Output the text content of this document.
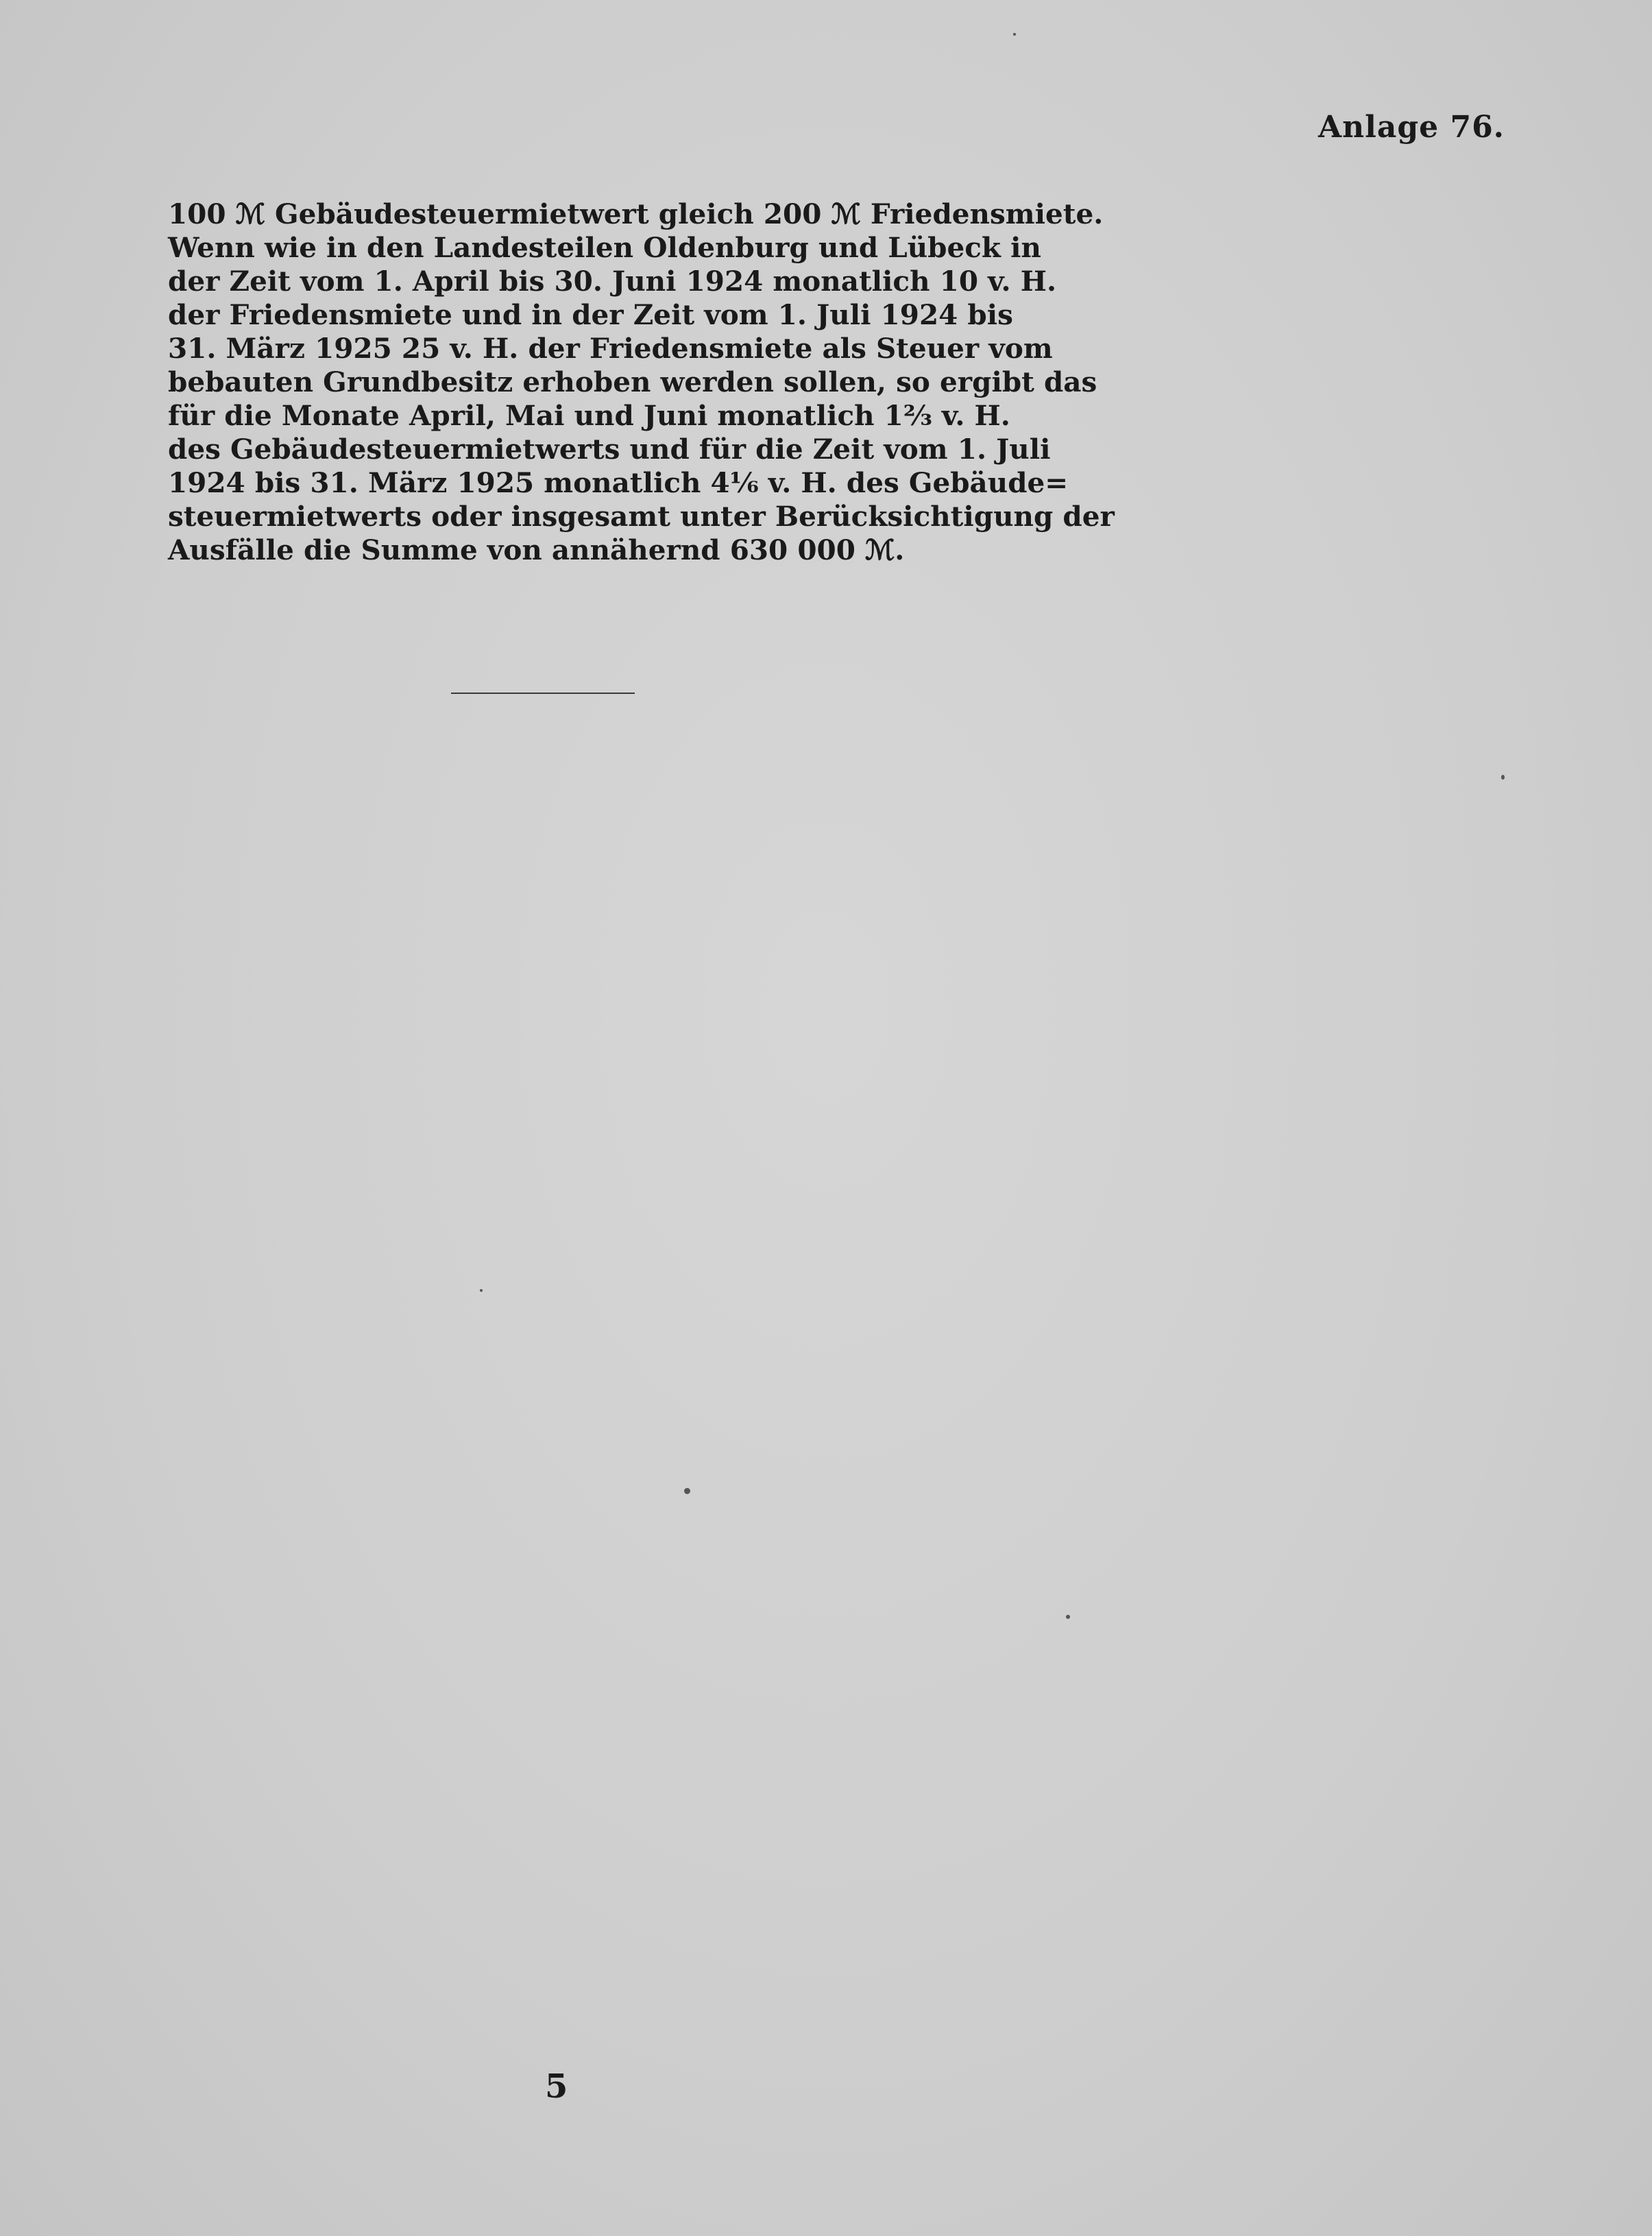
Anlage 76.
100 ℳ Gebäudesteuermietwert gleich 200 ℳ Friedensmiete.
Wenn wie in den Landesteilen Oldenburg und Lübeck in
der Zeit vom 1. April bis 30. Juni 1924 monatlich 10 v. H.
der Friedensmiete und in der Zeit vom 1. Juli 1924 bis
31. März 1925 25 v. H. der Friedensmiete als Steuer vom
bebauten Grundbesitz erhoben werden sollen, so ergibt das
für die Monate April, Mai und Juni monatlich 1⅔ v. H.
des Gebäudesteuermietwerts und für die Zeit vom 1. Juli
1924 bis 31. März 1925 monatlich 4⅙ v. H. des Gebäude=
steuermietwerts oder insgesamt unter Berücksichtigung der
Ausfälle die Summe von annähernd 630 000 ℳ.
5
